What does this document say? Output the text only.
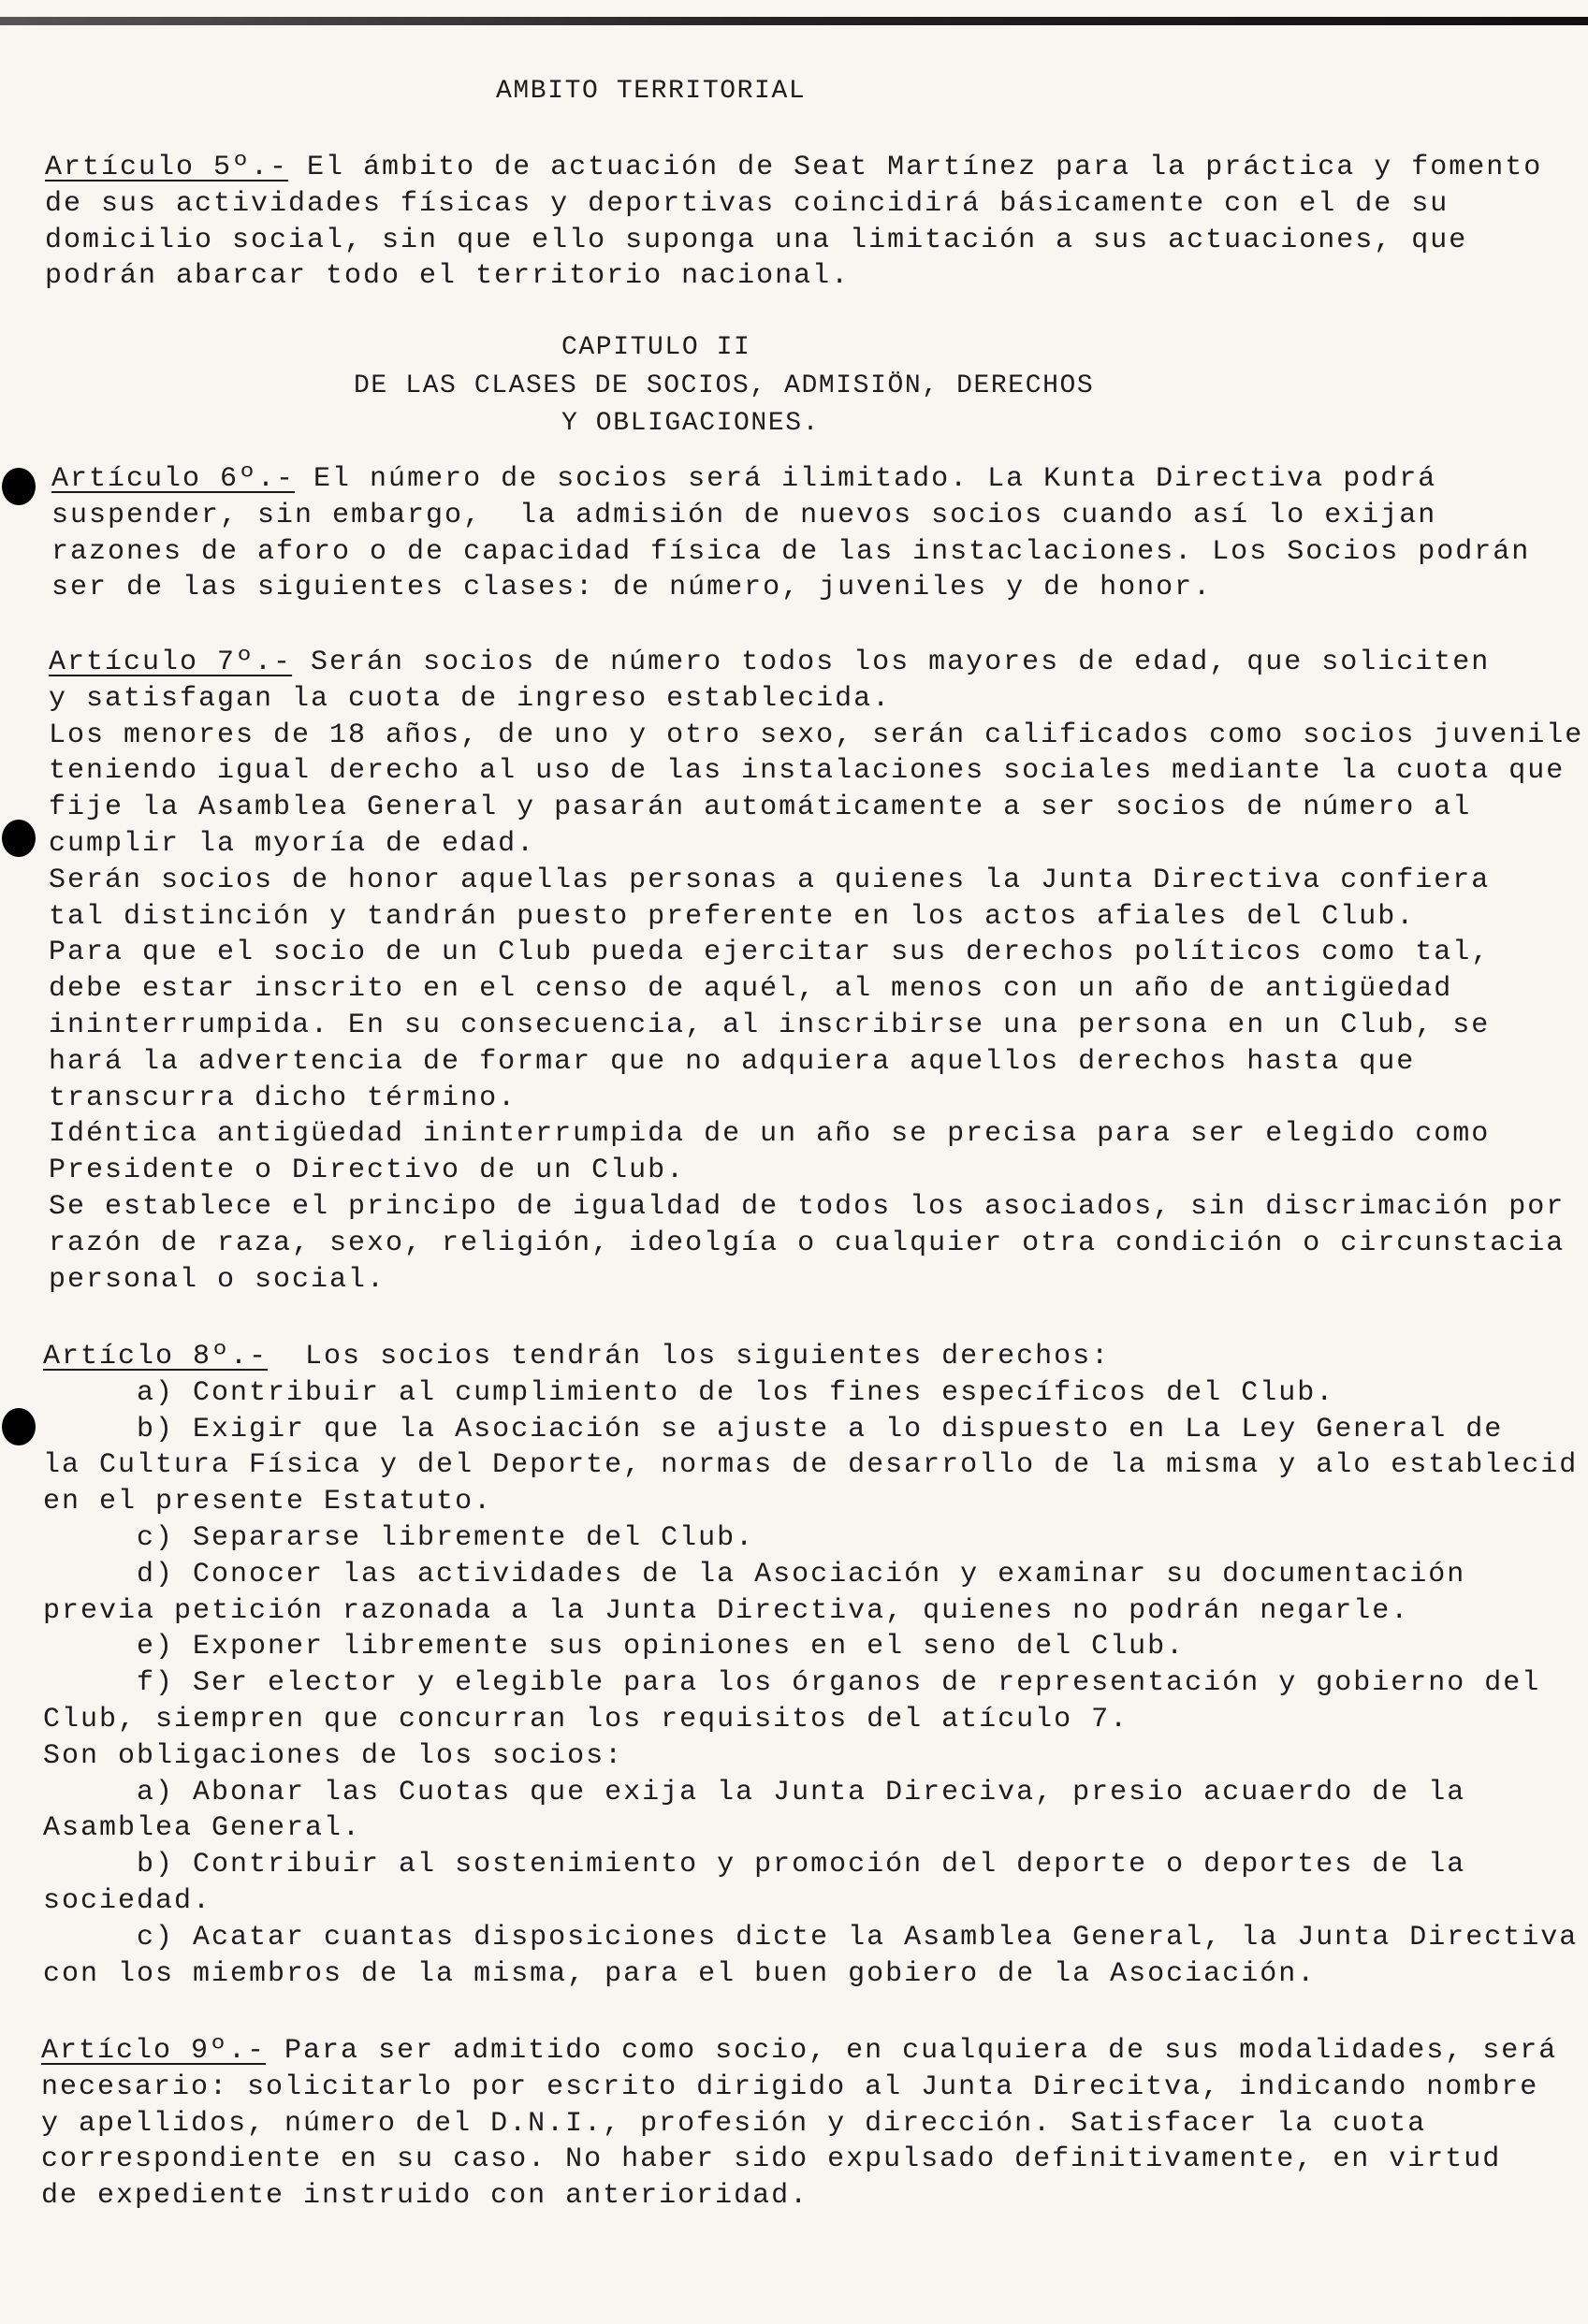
AMBITO TERRITORIAL
CAPITULO II
DE LAS CLASES DE SOCIOS, ADMISIÖN, DERECHOS
Y OBLIGACIONES.
Artículo 5º.- El ámbito de actuación de Seat Martínez para la práctica y fomento
de sus actividades físicas y deportivas coincidirá básicamente con el de su
domicilio social, sin que ello suponga una limitación a sus actuaciones, que
podrán abarcar todo el territorio nacional.
Artículo 6º.- El número de socios será ilimitado. La Kunta Directiva podrá
suspender, sin embargo,  la admisión de nuevos socios cuando así lo exijan
razones de aforo o de capacidad física de las instaclaciones. Los Socios podrán
ser de las siguientes clases: de número, juveniles y de honor.
Artículo 7º.- Serán socios de número todos los mayores de edad, que soliciten
y satisfagan la cuota de ingreso establecida.
Los menores de 18 años, de uno y otro sexo, serán calificados como socios juvenile
teniendo igual derecho al uso de las instalaciones sociales mediante la cuota que
fije la Asamblea General y pasarán automáticamente a ser socios de número al
cumplir la myoría de edad.
Serán socios de honor aquellas personas a quienes la Junta Directiva confiera
tal distinción y tandrán puesto preferente en los actos afiales del Club.
Para que el socio de un Club pueda ejercitar sus derechos políticos como tal,
debe estar inscrito en el censo de aquél, al menos con un año de antigüedad
ininterrumpida. En su consecuencia, al inscribirse una persona en un Club, se
hará la advertencia de formar que no adquiera aquellos derechos hasta que
transcurra dicho término.
Idéntica antigüedad ininterrumpida de un año se precisa para ser elegido como
Presidente o Directivo de un Club.
Se establece el principo de igualdad de todos los asociados, sin discrimación por
razón de raza, sexo, religión, ideolgía o cualquier otra condición o circunstacia
personal o social.
Artíclo 8º.-  Los socios tendrán los siguientes derechos:
a) Contribuir al cumplimiento de los fines específicos del Club.
b) Exigir que la Asociación se ajuste a lo dispuesto en La Ley General de
la Cultura Física y del Deporte, normas de desarrollo de la misma y alo establecid
en el presente Estatuto.
c) Separarse libremente del Club.
d) Conocer las actividades de la Asociación y examinar su documentación
previa petición razonada a la Junta Directiva, quienes no podrán negarle.
e) Exponer libremente sus opiniones en el seno del Club.
f) Ser elector y elegible para los órganos de representación y gobierno del
Club, siempren que concurran los requisitos del atículo 7.
Son obligaciones de los socios:
a) Abonar las Cuotas que exija la Junta Direciva, presio acuaerdo de la
Asamblea General.
b) Contribuir al sostenimiento y promoción del deporte o deportes de la
sociedad.
c) Acatar cuantas disposiciones dicte la Asamblea General, la Junta Directiva
con los miembros de la misma, para el buen gobiero de la Asociación.
Artíclo 9º.- Para ser admitido como socio, en cualquiera de sus modalidades, será
necesario: solicitarlo por escrito dirigido al Junta Direcitva, indicando nombre
y apellidos, número del D.N.I., profesión y dirección. Satisfacer la cuota
correspondiente en su caso. No haber sido expulsado definitivamente, en virtud
de expediente instruido con anterioridad.
